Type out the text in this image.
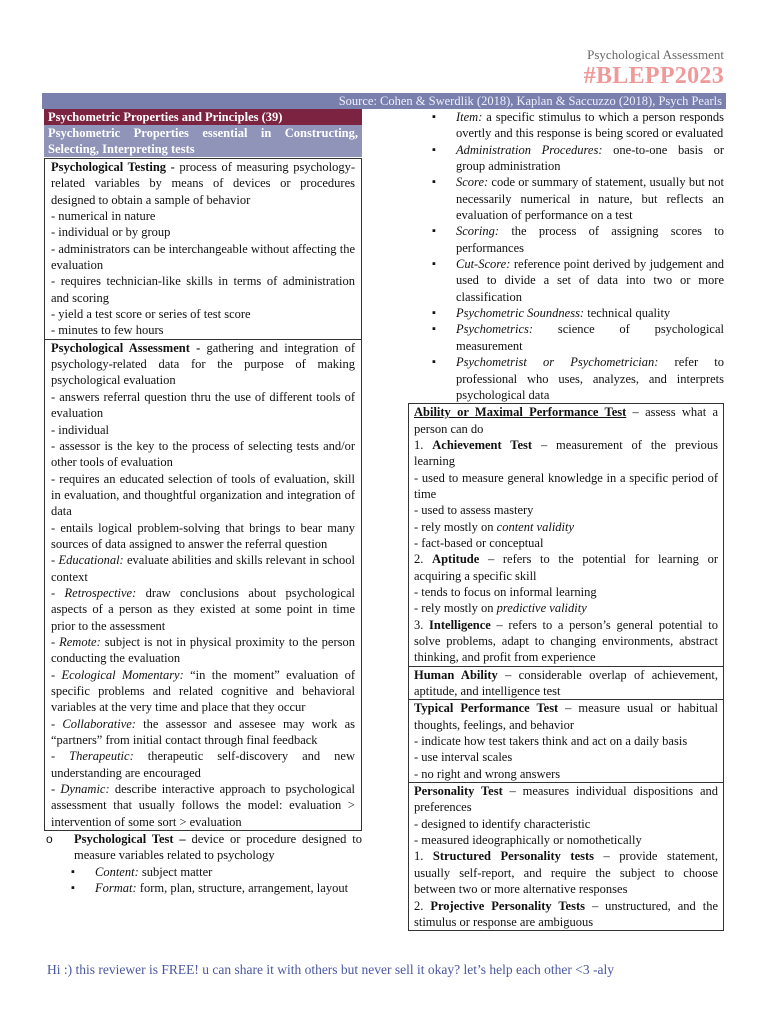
Psychological Assessment
#BLEPP2023
Source: Cohen & Swerdlik (2018), Kaplan & Saccuzzo (2018), Psych Pearls
Psychometric Properties and Principles (39)
Psychometric Properties essential in Constructing, Selecting, Interpreting tests
Psychological Testing - process of measuring psychology-related variables by means of devices or procedures designed to obtain a sample of behavior
- numerical in nature
- individual or by group
- administrators can be interchangeable without affecting the evaluation
- requires technician-like skills in terms of administration and scoring
- yield a test score or series of test score
- minutes to few hours
Psychological Assessment - gathering and integration of psychology-related data for the purpose of making psychological evaluation
- answers referral question thru the use of different tools of evaluation
- individual
- assessor is the key to the process of selecting tests and/or other tools of evaluation
- requires an educated selection of tools of evaluation, skill in evaluation, and thoughtful organization and integration of data
- entails logical problem-solving that brings to bear many sources of data assigned to answer the referral question
- Educational: evaluate abilities and skills relevant in school context
- Retrospective: draw conclusions about psychological aspects of a person as they existed at some point in time prior to the assessment
- Remote: subject is not in physical proximity to the person conducting the evaluation
- Ecological Momentary: “in the moment” evaluation of specific problems and related cognitive and behavioral variables at the very time and place that they occur
- Collaborative: the assessor and assesee may work as “partners” from initial contact through final feedback
- Therapeutic: therapeutic self-discovery and new understanding are encouraged
- Dynamic: describe interactive approach to psychological assessment that usually follows the model: evaluation > intervention of some sort > evaluation
o Psychological Test – device or procedure designed to measure variables related to psychology
▪ Content: subject matter
▪ Format: form, plan, structure, arrangement, layout
▪ Item: a specific stimulus to which a person responds overtly and this response is being scored or evaluated
▪ Administration Procedures: one-to-one basis or group administration
▪ Score: code or summary of statement, usually but not necessarily numerical in nature, but reflects an evaluation of performance on a test
▪ Scoring: the process of assigning scores to performances
▪ Cut-Score: reference point derived by judgement and used to divide a set of data into two or more classification
▪ Psychometric Soundness: technical quality
▪ Psychometrics: science of psychological measurement
▪ Psychometrist or Psychometrician: refer to professional who uses, analyzes, and interprets psychological data
Ability or Maximal Performance Test – assess what a person can do
1. Achievement Test – measurement of the previous learning
- used to measure general knowledge in a specific period of time
- used to assess mastery
- rely mostly on content validity
- fact-based or conceptual
2. Aptitude – refers to the potential for learning or acquiring a specific skill
- tends to focus on informal learning
- rely mostly on predictive validity
3. Intelligence – refers to a person’s general potential to solve problems, adapt to changing environments, abstract thinking, and profit from experience
Human Ability – considerable overlap of achievement, aptitude, and intelligence test
Typical Performance Test – measure usual or habitual thoughts, feelings, and behavior
- indicate how test takers think and act on a daily basis
- use interval scales
- no right and wrong answers
Personality Test – measures individual dispositions and preferences
- designed to identify characteristic
- measured ideographically or nomothetically
1. Structured Personality tests – provide statement, usually self-report, and require the subject to choose between two or more alternative responses
2. Projective Personality Tests – unstructured, and the stimulus or response are ambiguous
Hi :) this reviewer is FREE! u can share it with others but never sell it okay? let’s help each other <3 -aly
